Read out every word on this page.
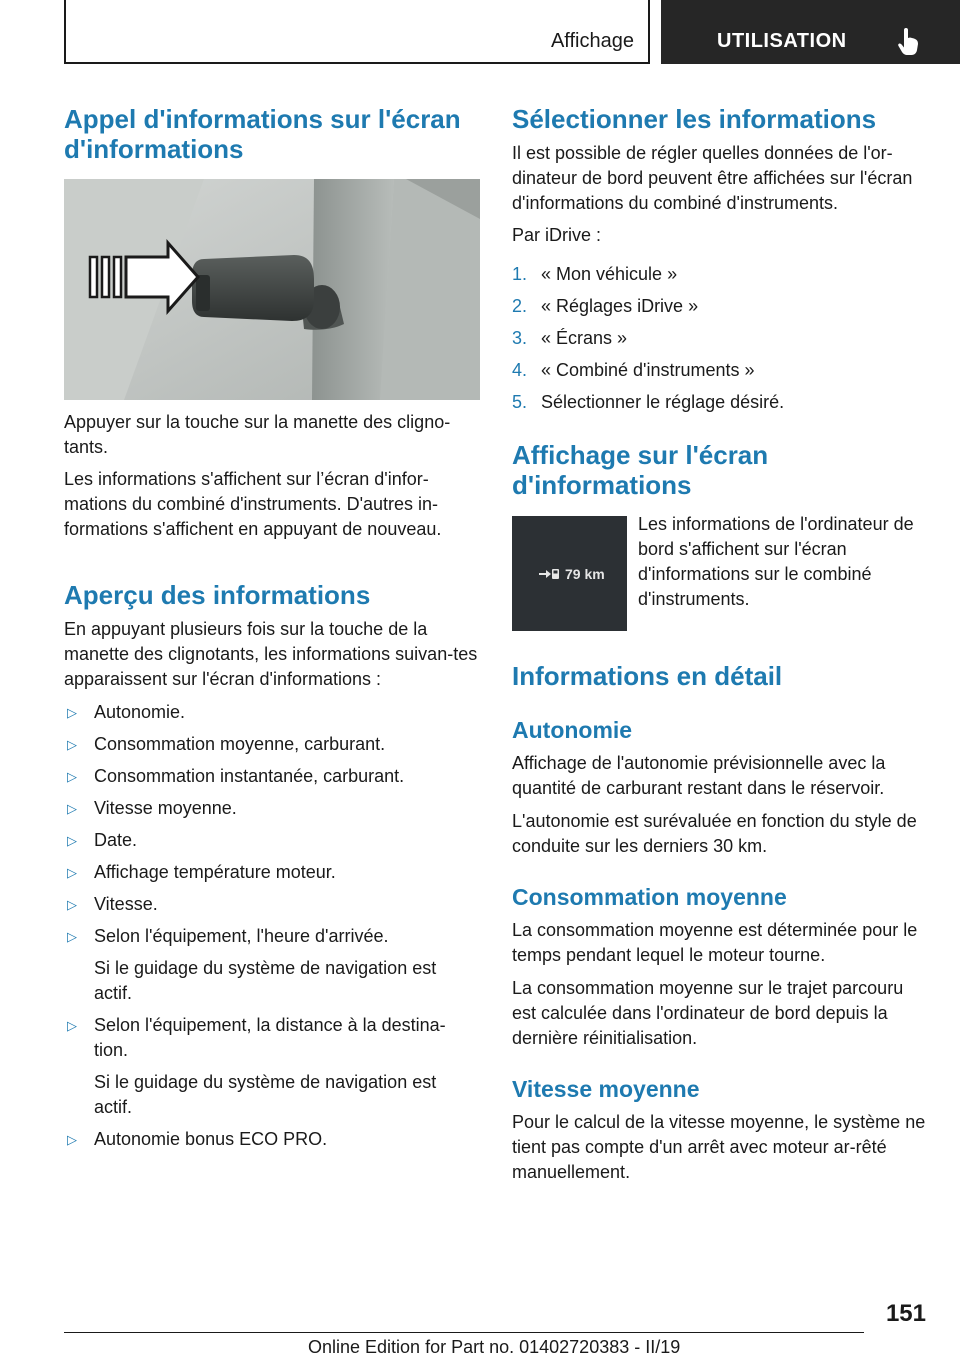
Affichage	UTILISATION
Appel d'informations sur l'écran d'informations

Appuyer sur la touche sur la manette des cligno-tants.

Les informations s'affichent sur l’écran d'infor-mations du combiné d'instruments. D'autres in-formations s'affichent en appuyant de nouveau.

Aperçu des informations

En appuyant plusieurs fois sur la touche de la manette des clignotants, les informations suivan-tes apparaissent sur l'écran d'informations :

▷ Autonomie.
▷ Consommation moyenne, carburant.
▷ Consommation instantanée, carburant.
▷ Vitesse moyenne.
▷ Date.
▷ Affichage température moteur.
▷ Vitesse.
▷ Selon l'équipement, l'heure d'arrivée.
Si le guidage du système de navigation est actif.
▷ Selon l'équipement, la distance à la destina-tion.
Si le guidage du système de navigation est actif.
▷ Autonomie bonus ECO PRO.
Sélectionner les informations

Il est possible de régler quelles données de l'or-dinateur de bord peuvent être affichées sur l'écran d'informations du combiné d'instruments.

Par iDrive :

1. « Mon véhicule »
2. « Réglages iDrive »
3. « Écrans »
4. « Combiné d'instruments »
5. Sélectionner le réglage désiré.
Affichage sur l'écran d'informations
79 km

Les informations de l'ordinateur de bord s'affichent sur l'écran d'informations sur le combiné d'instruments.

Informations en détail
Autonomie

Affichage de l'autonomie prévisionnelle avec la quantité de carburant restant dans le réservoir.

L'autonomie est surévaluée en fonction du style de conduite sur les derniers 30 km.

Consommation moyenne

La consommation moyenne est déterminée pour le temps pendant lequel le moteur tourne.

La consommation moyenne sur le trajet parcouru est calculée dans l'ordinateur de bord depuis la dernière réinitialisation.

Vitesse moyenne

Pour le calcul de la vitesse moyenne, le système ne tient pas compte d'un arrêt avec moteur ar-rêté manuellement.

151
Online Edition for Part no. 01402720383 - II/19
